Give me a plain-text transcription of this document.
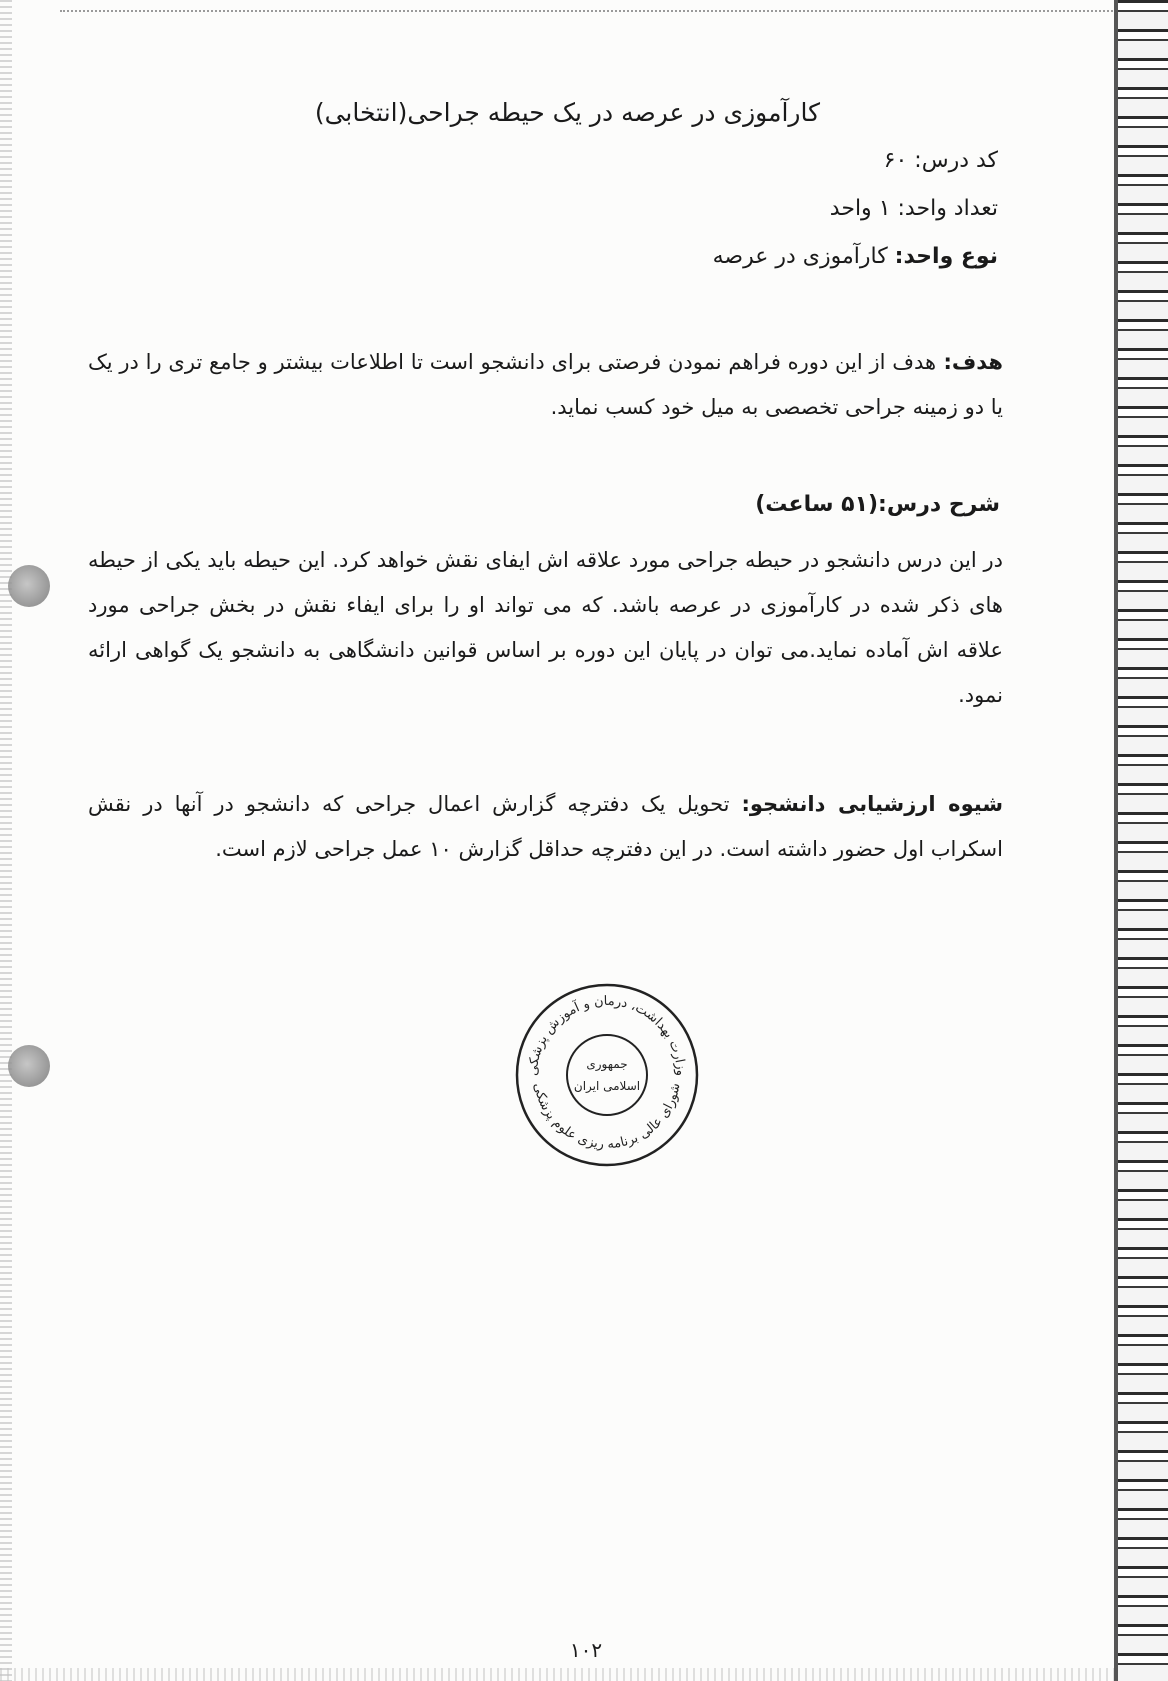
کارآموزی در عرصه در یک حیطه جراحی(انتخابی)
کد درس: ۶۰
تعداد واحد: ۱ واحد
نوع واحد: کارآموزی در عرصه
هدف: هدف از این دوره فراهم نمودن فرصتی برای دانشجو است تا اطلاعات بیشتر و جامع تری را در یک یا دو زمینه جراحی تخصصی به میل خود کسب نماید.
شرح درس:(۵۱ ساعت)
در این درس دانشجو در حیطه جراحی مورد علاقه اش ایفای نقش خواهد کرد. این حیطه باید یکی از حیطه های ذکر شده در کارآموزی در عرصه باشد. که می تواند او را برای ایفاء نقش در بخش جراحی مورد علاقه اش آماده نماید.می توان در پایان این دوره بر اساس قوانین دانشگاهی به دانشجو یک گواهی ارائه نمود.
شیوه ارزشیابی دانشجو: تحویل یک دفترچه گزارش اعمال جراحی که دانشجو در آنها در نقش اسکراب اول حضور داشته است. در این دفترچه حداقل گزارش ۱۰ عمل جراحی لازم است.
وزارت بهداشت، درمان و آموزش پزشکی
شورای عالی برنامه ریزی علوم پزشکی
جمهوری
اسلامی ایران
۱۰۲
